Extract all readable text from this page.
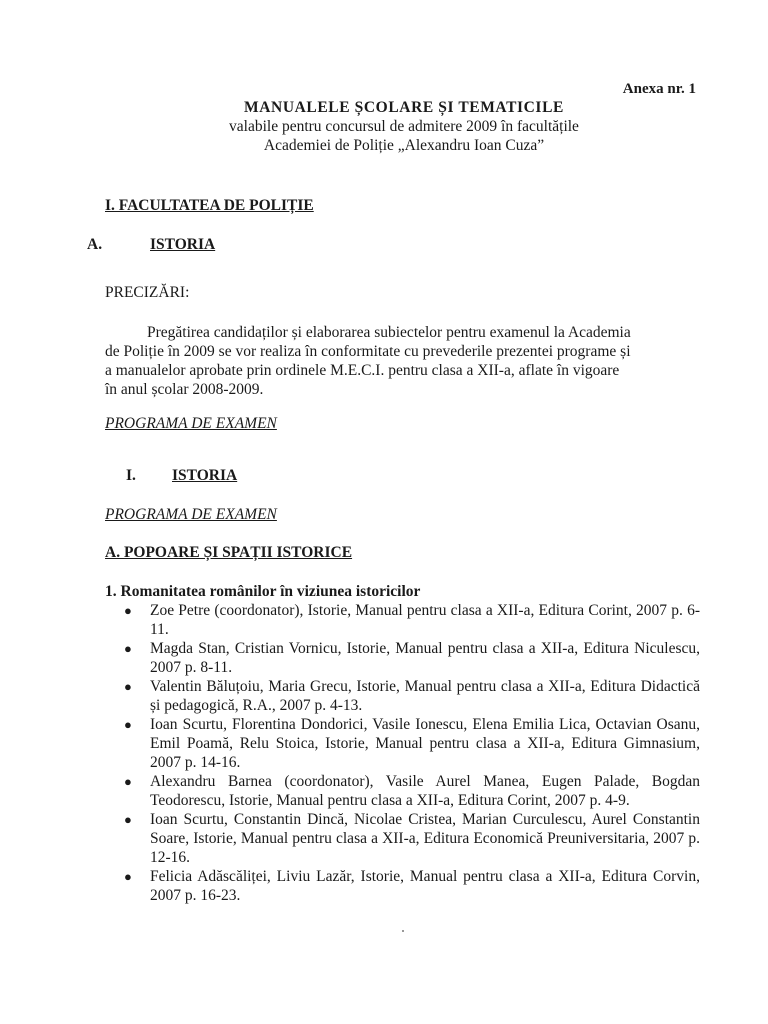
Anexa nr. 1
MANUALELE ȘCOLARE ȘI TEMATICILE
valabile pentru concursul de admitere 2009 în facultățile
Academiei de Poliție „Alexandru Ioan Cuza”
I. FACULTATEA DE POLIȚIE
A.	ISTORIA
PRECIZĂRI:
Pregătirea candidaților și elaborarea subiectelor pentru examenul la Academia
de Poliție în 2009 se vor realiza în conformitate cu prevederile prezentei programe și
a manualelor aprobate prin ordinele M.E.C.I. pentru clasa a XII-a, aflate în vigoare
în anul școlar 2008-2009.
PROGRAMA DE EXAMEN
I. ISTORIA
PROGRAMA DE EXAMEN
A. POPOARE ȘI SPAȚII ISTORICE
1. Romanitatea românilor în viziunea istoricilor
● Zoe Petre (coordonator), Istorie, Manual pentru clasa a XII-a, Editura Corint, 2007 p. 6-11.
● Magda Stan, Cristian Vornicu, Istorie, Manual pentru clasa a XII-a, Editura Niculescu, 2007 p. 8-11.
● Valentin Băluțoiu, Maria Grecu, Istorie, Manual pentru clasa a XII-a, Editura Didactică și pedagogică, R.A., 2007 p. 4-13.
● Ioan Scurtu, Florentina Dondorici, Vasile Ionescu, Elena Emilia Lica, Octavian Osanu, Emil Poamă, Relu Stoica, Istorie, Manual pentru clasa a XII-a, Editura Gimnasium, 2007 p. 14-16.
● Alexandru Barnea (coordonator), Vasile Aurel Manea, Eugen Palade, Bogdan Teodorescu, Istorie, Manual pentru clasa a XII-a, Editura Corint, 2007 p. 4-9.
● Ioan Scurtu, Constantin Dincă, Nicolae Cristea, Marian Curculescu, Aurel Constantin Soare, Istorie, Manual pentru clasa a XII-a, Editura Economică Preuniversitaria, 2007 p. 12-16.
● Felicia Adăscăliței, Liviu Lazăr, Istorie, Manual pentru clasa a XII-a, Editura Corvin, 2007 p. 16-23.
